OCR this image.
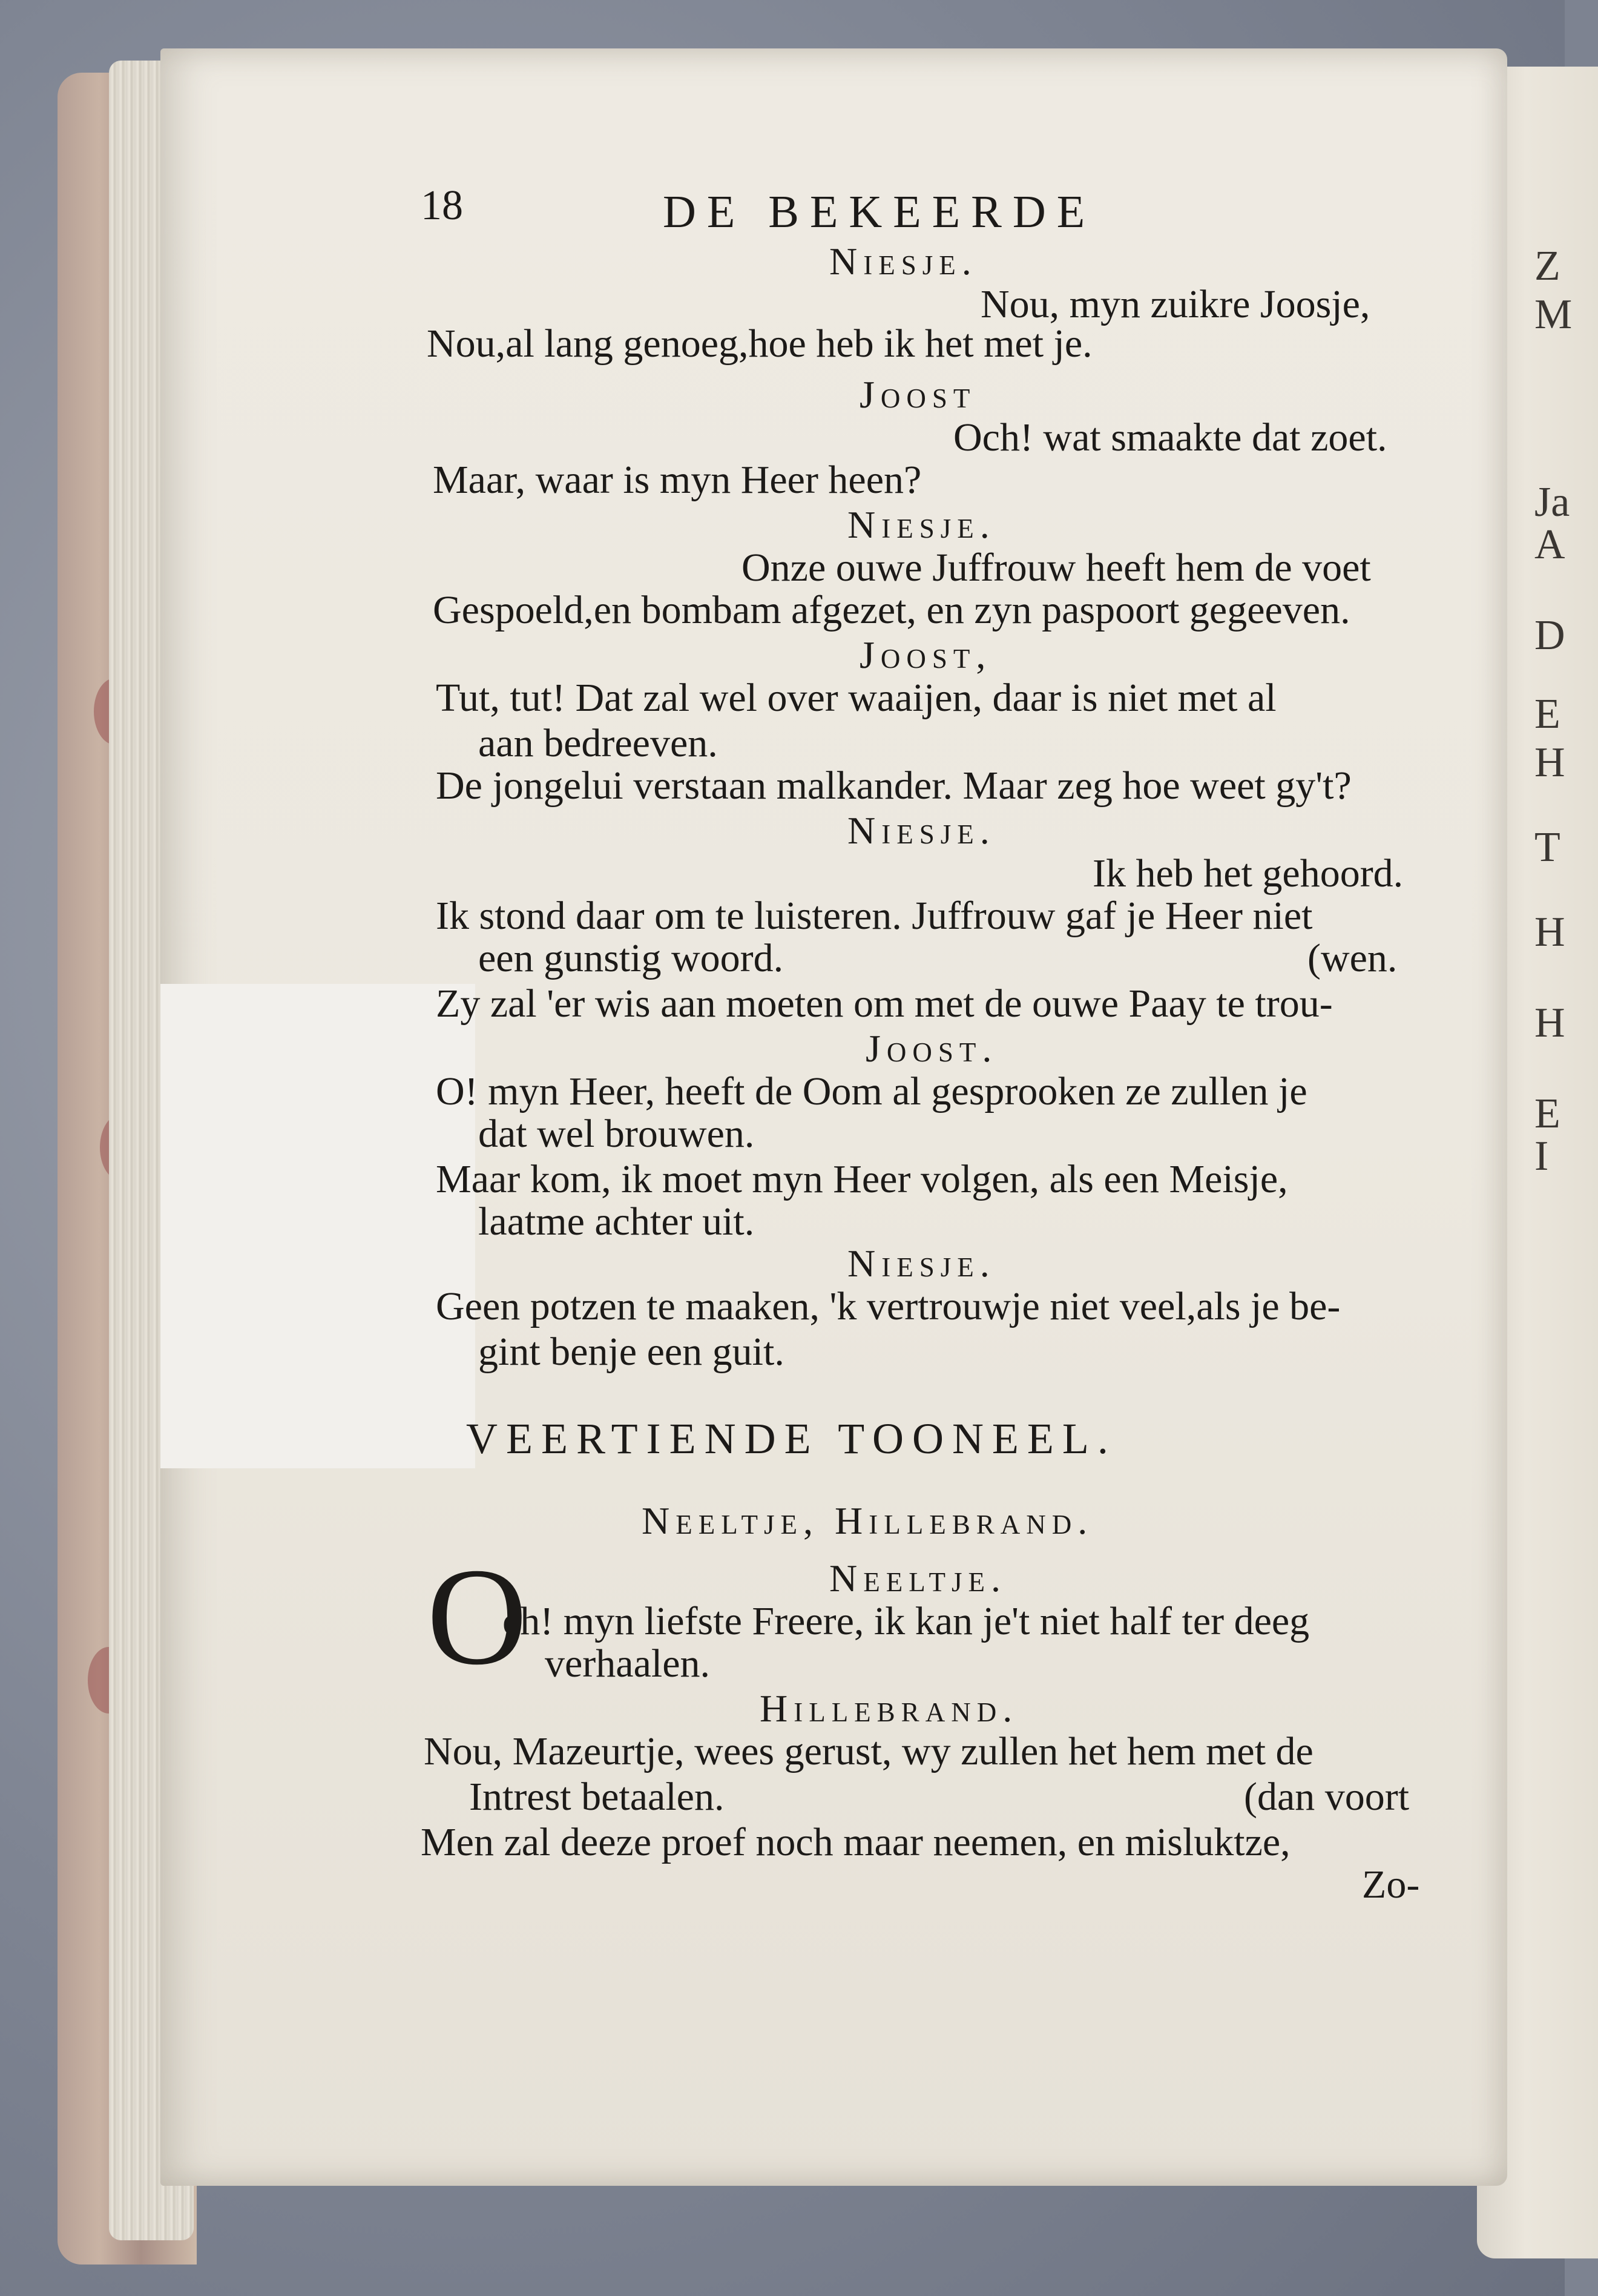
Z
M
Ja
A
D
E
H
T
H
H
E
I
18	DE BEKEERDE
Niesje.
Nou, myn zuikre Joosje,
Nou,al lang genoeg,hoe heb ik het met je.
Joost
Och! wat smaakte dat zoet.
Maar, waar is myn Heer heen?
Niesje.
Onze ouwe Juffrouw heeft hem de voet
Gespoeld,en bombam afgezet, en zyn paspoort gegeeven.
Joost,
Tut, tut! Dat zal wel over waaijen, daar is niet met al
aan bedreeven.
De jongelui verstaan malkander. Maar zeg hoe weet gy't?
Niesje.
Ik heb het gehoord.
Ik stond daar om te luisteren. Juffrouw gaf je Heer niet
een gunstig woord.	(wen.
Zy zal 'er wis aan moeten om met de ouwe Paay te trou-
Joost.
O! myn Heer, heeft de Oom al gesprooken ze zullen je
dat wel brouwen.
Maar kom, ik moet myn Heer volgen, als een Meisje,
laatme achter uit.
Niesje.
Geen potzen te maaken, 'k vertrouwje niet veel,als je be-
gint benje een guit.
VEERTIENDE TOONEEL.
Neeltje, Hillebrand.
O	Neeltje.
ch! myn liefste Freere, ik kan je't niet half ter deeg
verhaalen.
Hillebrand.
Nou, Mazeurtje, wees gerust, wy zullen het hem met de
Intrest betaalen.	(dan voort
Men zal deeze proef noch maar neemen, en misluktze,
Zo-
